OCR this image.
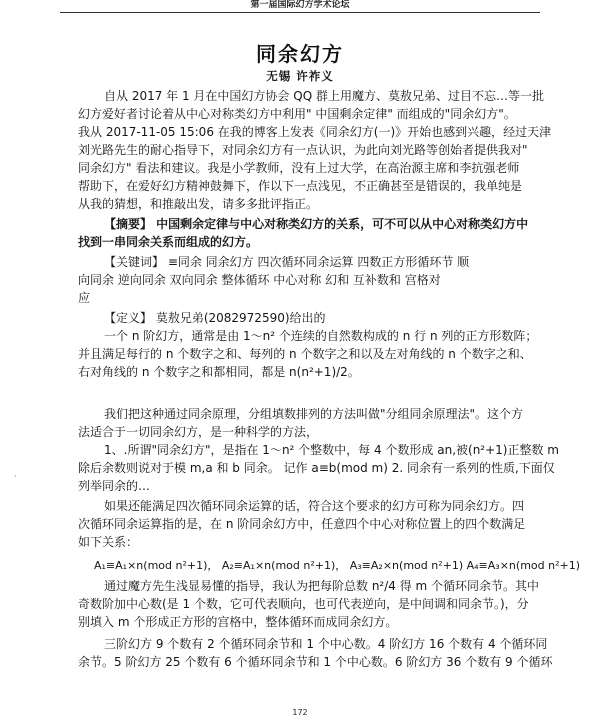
第一届国际幻方学术论坛
同余幻方
无锡 许祚义
自从 2017 年 1 月在中国幻方协会 QQ 群上用魔方、莫敖兄弟、过目不忘…等一批
幻方爱好者讨论着从中心对称类幻方中利用" 中国剩余定律" 而组成的"同余幻方"。
我从 2017-11-05 15:06 在我的博客上发表《同余幻方(一)》开始也感到兴趣，经过天津
刘光路先生的耐心指导下，对同余幻方有一点认识，为此向刘光路等创始者提供我对"
同余幻方" 看法和建议。我是小学教师，没有上过大学，在高治源主席和李抗强老师
帮助下，在爱好幻方精神鼓舞下，作以下一点浅见，不正确甚至是错误的，我单纯是
从我的猜想，和推敲出发，请多多批评指正。
【摘要】 中国剩余定律与中心对称类幻方的关系，可不可以从中心对称类幻方中
找到一串同余关系而组成的幻方。
【关键词】 ≡同余 同余幻方 四次循环同余运算 四数正方形循环节 顺
向同余 逆向同余 双向同余 整体循环 中心对称 幻和 互补数和 宫格对
应
【定义】 莫敖兄弟(2082972590)给出的
一个 n 阶幻方，通常是由 1～n² 个连续的自然数构成的 n 行 n 列的正方形数阵；
并且满足每行的 n 个数字之和、每列的 n 个数字之和以及左对角线的 n 个数字之和、
右对角线的 n 个数字之和都相同，都是 n(n²+1)/2。
我们把这种通过同余原理，分组填数排列的方法叫做"分组同余原理法"。这个方
法适合于一切同余幻方，是一种科学的方法，
1、.所谓"同余幻方"，是指在 1～n² 个整数中，每 4 个数形成 an,被(n²+1)正整数 m
除后余数则说对于模 m,a 和 b 同余。 记作 a≡b(mod m) 2. 同余有一系列的性质,下面仅
列举同余的…
如果还能满足四次循环同余运算的话，符合这个要求的幻方可称为同余幻方。四
次循环同余运算指的是，在 n 阶同余幻方中，任意四个中心对称位置上的四个数满足
如下关系：
A₁≡A₁×n(mod n²+1)， A₂≡A₁×n(mod n²+1)， A₃≡A₂×n(mod n²+1) A₄≡A₃×n(mod n²+1)
通过魔方先生浅显易懂的指导，我认为把每阶总数 n²/4 得 m 个循环同余节。其中
奇数阶加中心数(是 1 个数，它可代表顺向，也可代表逆向，是中间调和同余节。)，分
别填入 m 个形成正方形的宫格中，整体循环而成同余幻方。
三阶幻方 9 个数有 2 个循环同余节和 1 个中心数。4 阶幻方 16 个数有 4 个循环同
余节。5 阶幻方 25 个数有 6 个循环同余节和 1 个中心数。6 阶幻方 36 个数有 9 个循环
·
172
